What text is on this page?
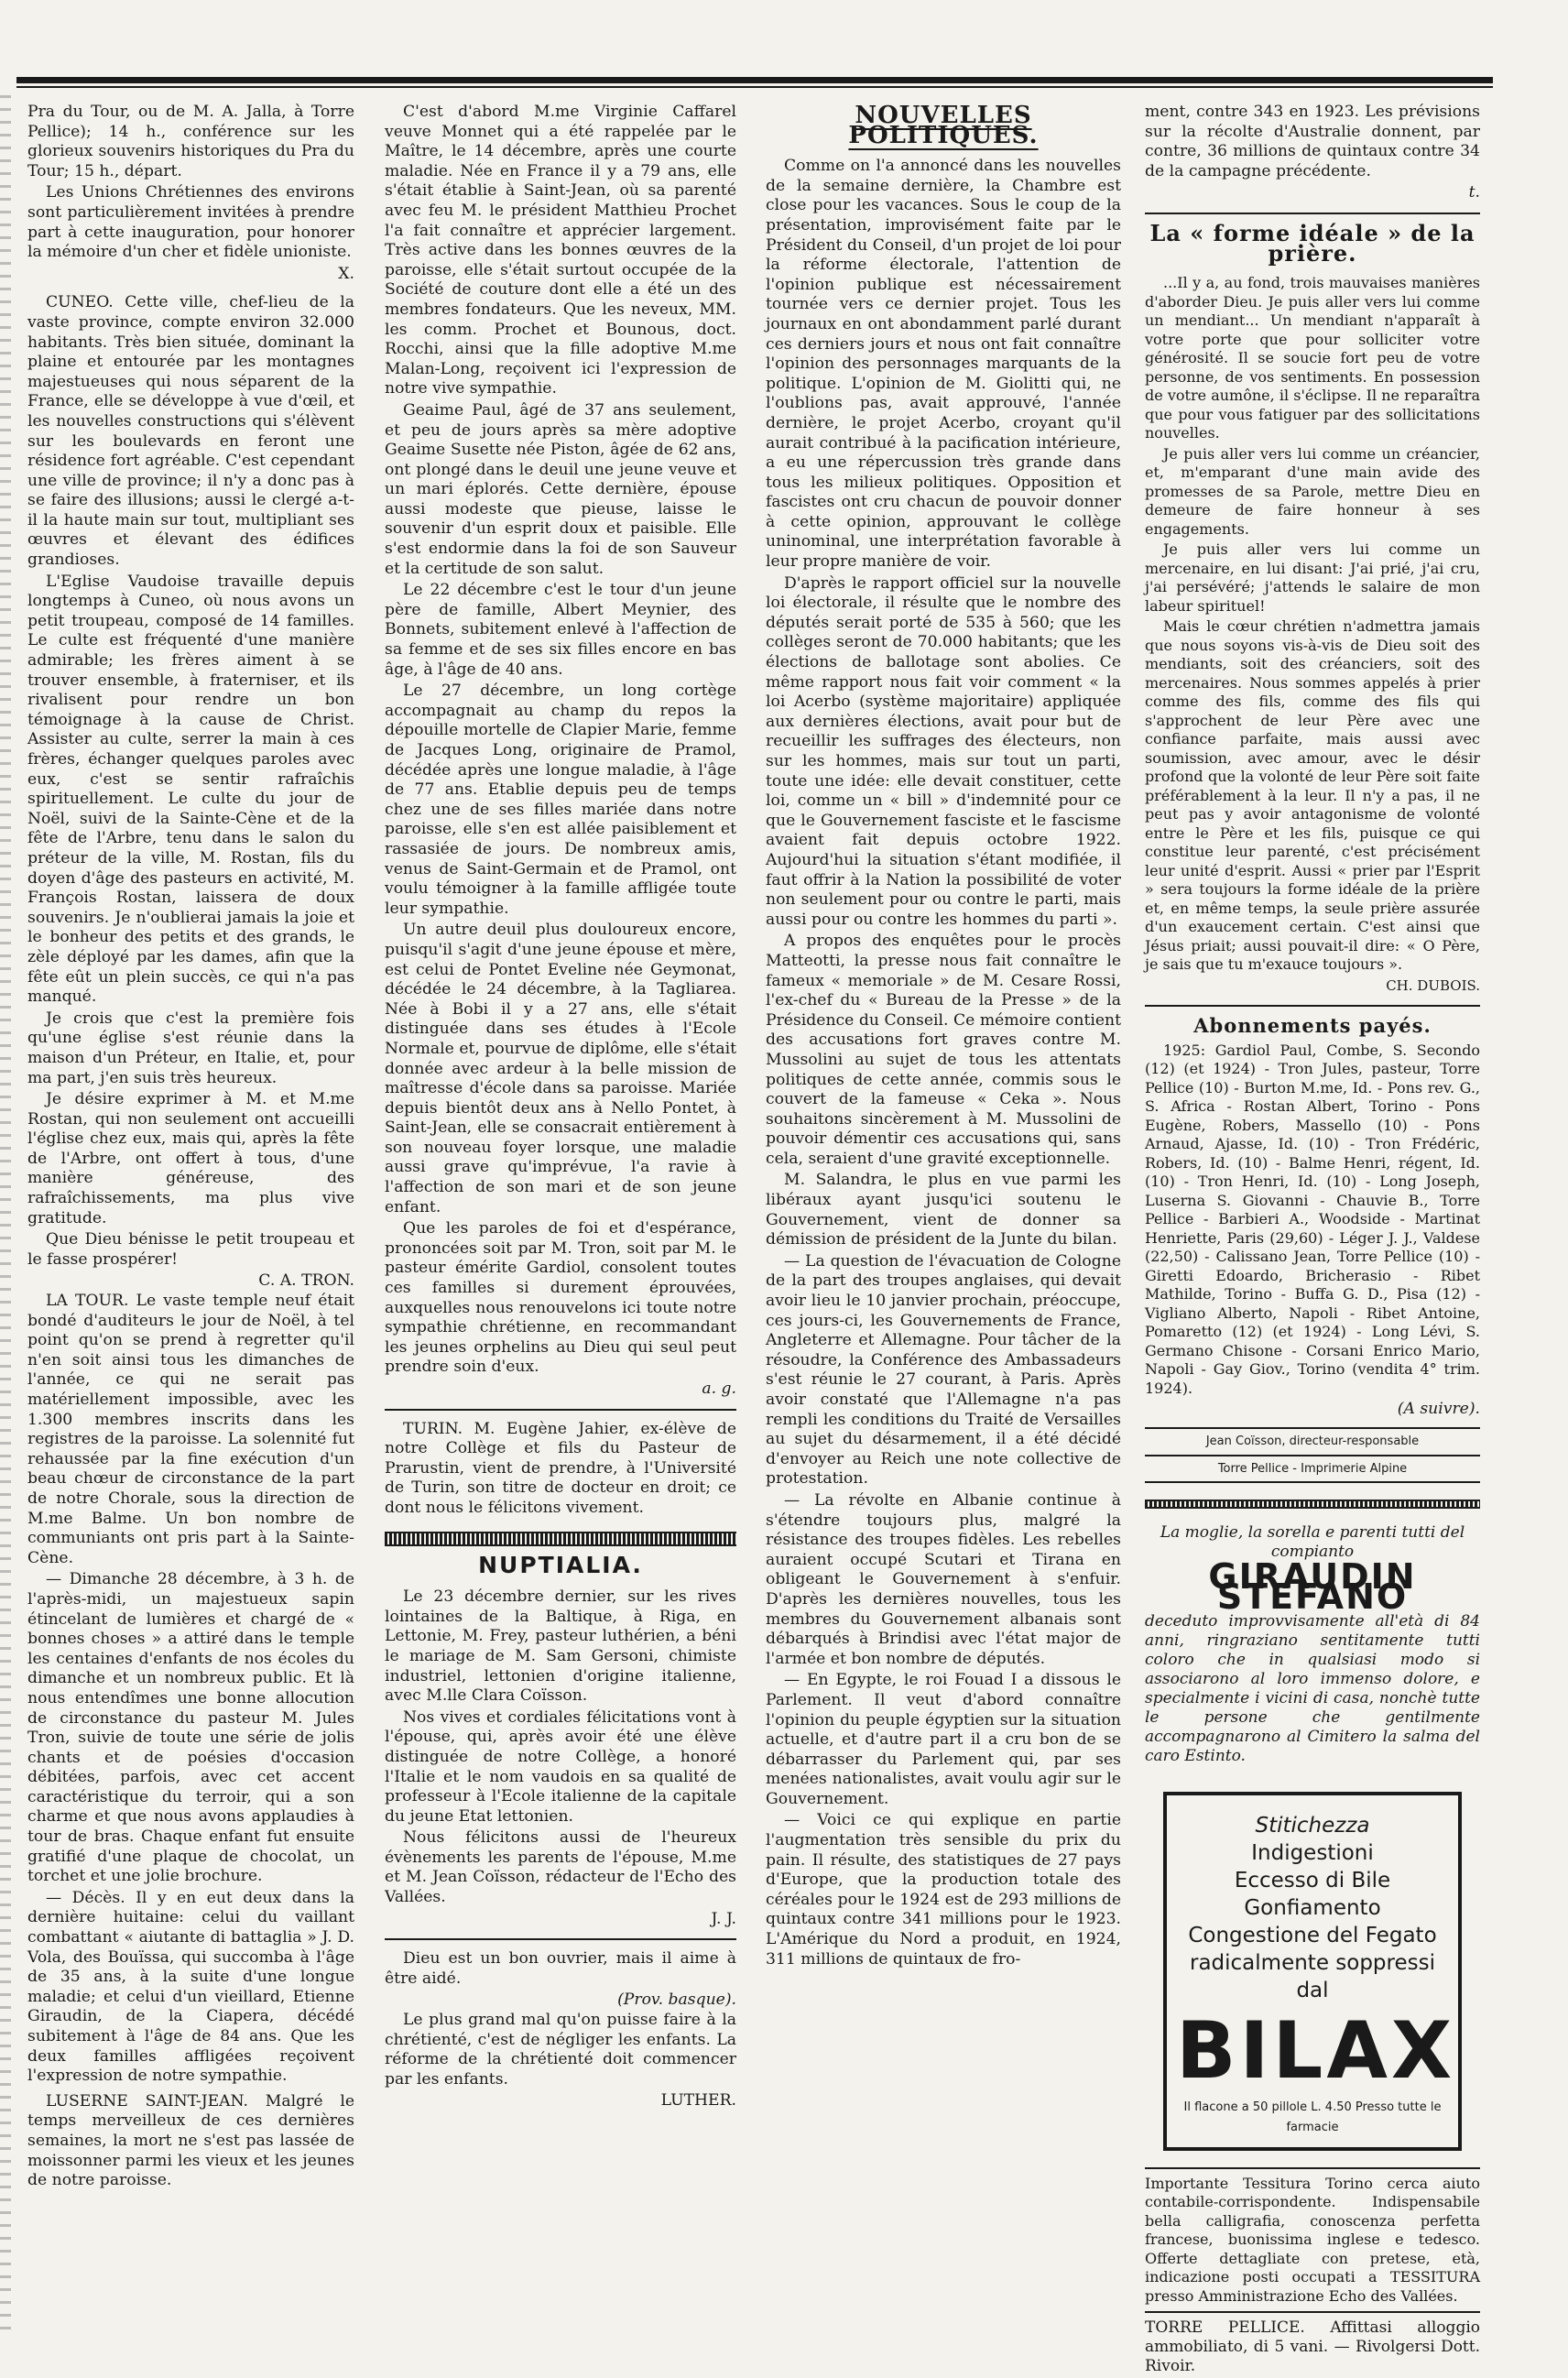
Pra du Tour, ou de M. A. Jalla, à Torre Pellice); 14 h., conférence sur les glorieux souvenirs historiques du Pra du Tour; 15 h., départ.

Les Unions Chrétiennes des environs sont particulièrement invitées à prendre part à cette inauguration, pour honorer la mémoire d'un cher et fidèle unioniste.

X.

CUNEO. Cette ville, chef-lieu de la vaste province, compte environ 32.000 habitants. Très bien située, dominant la plaine et entourée par les montagnes majestueuses qui nous séparent de la France, elle se développe à vue d'œil, et les nouvelles constructions qui s'élèvent sur les boulevards en feront une résidence fort agréable. C'est cependant une ville de province; il n'y a donc pas à se faire des illusions; aussi le clergé a-t-il la haute main sur tout, multipliant ses œuvres et élevant des édifices grandioses.

L'Eglise Vaudoise travaille depuis longtemps à Cuneo, où nous avons un petit troupeau, composé de 14 familles. Le culte est fréquenté d'une manière admirable; les frères aiment à se trouver ensemble, à fraterniser, et ils rivalisent pour rendre un bon témoignage à la cause de Christ. Assister au culte, serrer la main à ces frères, échanger quelques paroles avec eux, c'est se sentir rafraîchis spirituellement. Le culte du jour de Noël, suivi de la Sainte-Cène et de la fête de l'Arbre, tenu dans le salon du préteur de la ville, M. Rostan, fils du doyen d'âge des pasteurs en activité, M. François Rostan, laissera de doux souvenirs. Je n'oublierai jamais la joie et le bonheur des petits et des grands, le zèle déployé par les dames, afin que la fête eût un plein succès, ce qui n'a pas manqué.

Je crois que c'est la première fois qu'une église s'est réunie dans la maison d'un Préteur, en Italie, et, pour ma part, j'en suis très heureux.

Je désire exprimer à M. et M.me Rostan, qui non seulement ont accueilli l'église chez eux, mais qui, après la fête de l'Arbre, ont offert à tous, d'une manière généreuse, des rafraîchissements, ma plus vive gratitude.

Que Dieu bénisse le petit troupeau et le fasse prospérer!

C. A. TRON.

LA TOUR. Le vaste temple neuf était bondé d'auditeurs le jour de Noël, à tel point qu'on se prend à regretter qu'il n'en soit ainsi tous les dimanches de l'année, ce qui ne serait pas matériellement impossible, avec les 1.300 membres inscrits dans les registres de la paroisse. La solennité fut rehaussée par la fine exécution d'un beau chœur de circonstance de la part de notre Chorale, sous la direction de M.me Balme. Un bon nombre de communiants ont pris part à la Sainte-Cène.

— Dimanche 28 décembre, à 3 h. de l'après-midi, un majestueux sapin étincelant de lumières et chargé de « bonnes choses » a attiré dans le temple les centaines d'enfants de nos écoles du dimanche et un nombreux public. Et là nous entendîmes une bonne allocution de circonstance du pasteur M. Jules Tron, suivie de toute une série de jolis chants et de poésies d'occasion débitées, parfois, avec cet accent caractéristique du terroir, qui a son charme et que nous avons applaudies à tour de bras. Chaque enfant fut ensuite gratifié d'une plaque de chocolat, un torchet et une jolie brochure.

— Décès. Il y en eut deux dans la dernière huitaine: celui du vaillant combattant « aiutante di battaglia » J. D. Vola, des Bouïssa, qui succomba à l'âge de 35 ans, à la suite d'une longue maladie; et celui d'un vieillard, Etienne Giraudin, de la Ciapera, décédé subitement à l'âge de 84 ans. Que les deux familles affligées reçoivent l'expression de notre sympathie.

LUSERNE SAINT-JEAN. Malgré le temps merveilleux de ces dernières semaines, la mort ne s'est pas lassée de moissonner parmi les vieux et les jeunes de notre paroisse.

C'est d'abord M.me Virginie Caffarel veuve Monnet qui a été rappelée par le Maître, le 14 décembre, après une courte maladie. Née en France il y a 79 ans, elle s'était établie à Saint-Jean, où sa parenté avec feu M. le président Matthieu Prochet l'a fait connaître et apprécier largement. Très active dans les bonnes œuvres de la paroisse, elle s'était surtout occupée de la Société de couture dont elle a été un des membres fondateurs. Que les neveux, MM. les comm. Prochet et Bounous, doct. Rocchi, ainsi que la fille adoptive M.me Malan-Long, reçoivent ici l'expression de notre vive sympathie.

Geaime Paul, âgé de 37 ans seulement, et peu de jours après sa mère adoptive Geaime Susette née Piston, âgée de 62 ans, ont plongé dans le deuil une jeune veuve et un mari éplorés. Cette dernière, épouse aussi modeste que pieuse, laisse le souvenir d'un esprit doux et paisible. Elle s'est endormie dans la foi de son Sauveur et la certitude de son salut.

Le 22 décembre c'est le tour d'un jeune père de famille, Albert Meynier, des Bonnets, subitement enlevé à l'affection de sa femme et de ses six filles encore en bas âge, à l'âge de 40 ans.

Le 27 décembre, un long cortège accompagnait au champ du repos la dépouille mortelle de Clapier Marie, femme de Jacques Long, originaire de Pramol, décédée après une longue maladie, à l'âge de 77 ans. Etablie depuis peu de temps chez une de ses filles mariée dans notre paroisse, elle s'en est allée paisiblement et rassasiée de jours. De nombreux amis, venus de Saint-Germain et de Pramol, ont voulu témoigner à la famille affligée toute leur sympathie.

Un autre deuil plus douloureux encore, puisqu'il s'agit d'une jeune épouse et mère, est celui de Pontet Eveline née Geymonat, décédée le 24 décembre, à la Tagliarea. Née à Bobi il y a 27 ans, elle s'était distinguée dans ses études à l'Ecole Normale et, pourvue de diplôme, elle s'était donnée avec ardeur à la belle mission de maîtresse d'école dans sa paroisse. Mariée depuis bientôt deux ans à Nello Pontet, à Saint-Jean, elle se consacrait entièrement à son nouveau foyer lorsque, une maladie aussi grave qu'imprévue, l'a ravie à l'affection de son mari et de son jeune enfant.

Que les paroles de foi et d'espérance, prononcées soit par M. Tron, soit par M. le pasteur émérite Gardiol, consolent toutes ces familles si durement éprouvées, auxquelles nous renouvelons ici toute notre sympathie chrétienne, en recommandant les jeunes orphelins au Dieu qui seul peut prendre soin d'eux.

a. g.

TURIN. M. Eugène Jahier, ex-élève de notre Collège et fils du Pasteur de Prarustin, vient de prendre, à l'Université de Turin, son titre de docteur en droit; ce dont nous le félicitons vivement.

NUPTIALIA.

Le 23 décembre dernier, sur les rives lointaines de la Baltique, à Riga, en Lettonie, M. Frey, pasteur luthérien, a béni le mariage de M. Sam Gersoni, chimiste industriel, lettonien d'origine italienne, avec M.lle Clara Coïsson.

Nos vives et cordiales félicitations vont à l'épouse, qui, après avoir été une élève distinguée de notre Collège, a honoré l'Italie et le nom vaudois en sa qualité de professeur à l'Ecole italienne de la capitale du jeune Etat lettonien.

Nous félicitons aussi de l'heureux évènements les parents de l'épouse, M.me et M. Jean Coïsson, rédacteur de l'Echo des Vallées.

J. J.

Dieu est un bon ouvrier, mais il aime à être aidé.

(Prov. basque).

Le plus grand mal qu'on puisse faire à la chrétienté, c'est de négliger les enfants. La réforme de la chrétienté doit commencer par les enfants.

LUTHER.
NOUVELLES POLITIQUES.

Comme on l'a annoncé dans les nouvelles de la semaine dernière, la Chambre est close pour les vacances. Sous le coup de la présentation, improvisément faite par le Président du Conseil, d'un projet de loi pour la réforme électorale, l'attention de l'opinion publique est nécessairement tournée vers ce dernier projet. Tous les journaux en ont abondamment parlé durant ces derniers jours et nous ont fait connaître l'opinion des personnages marquants de la politique. L'opinion de M. Giolitti qui, ne l'oublions pas, avait approuvé, l'année dernière, le projet Acerbo, croyant qu'il aurait contribué à la pacification intérieure, a eu une répercussion très grande dans tous les milieux politiques. Opposition et fascistes ont cru chacun de pouvoir donner à cette opinion, approuvant le collège uninominal, une interprétation favorable à leur propre manière de voir.

D'après le rapport officiel sur la nouvelle loi électorale, il résulte que le nombre des députés serait porté de 535 à 560; que les collèges seront de 70.000 habitants; que les élections de ballotage sont abolies. Ce même rapport nous fait voir comment « la loi Acerbo (système majoritaire) appliquée aux dernières élections, avait pour but de recueillir les suffrages des électeurs, non sur les hommes, mais sur tout un parti, toute une idée: elle devait constituer, cette loi, comme un « bill » d'indemnité pour ce que le Gouvernement fasciste et le fascisme avaient fait depuis octobre 1922. Aujourd'hui la situation s'étant modifiée, il faut offrir à la Nation la possibilité de voter non seulement pour ou contre le parti, mais aussi pour ou contre les hommes du parti ».

A propos des enquêtes pour le procès Matteotti, la presse nous fait connaître le fameux « memoriale » de M. Cesare Rossi, l'ex-chef du « Bureau de la Presse » de la Présidence du Conseil. Ce mémoire contient des accusations fort graves contre M. Mussolini au sujet de tous les attentats politiques de cette année, commis sous le couvert de la fameuse « Ceka ». Nous souhaitons sincèrement à M. Mussolini de pouvoir démentir ces accusations qui, sans cela, seraient d'une gravité exceptionnelle.

M. Salandra, le plus en vue parmi les libéraux ayant jusqu'ici soutenu le Gouvernement, vient de donner sa démission de président de la Junte du bilan.

— La question de l'évacuation de Cologne de la part des troupes anglaises, qui devait avoir lieu le 10 janvier prochain, préoccupe, ces jours-ci, les Gouvernements de France, Angleterre et Allemagne. Pour tâcher de la résoudre, la Conférence des Ambassadeurs s'est réunie le 27 courant, à Paris. Après avoir constaté que l'Allemagne n'a pas rempli les conditions du Traité de Versailles au sujet du désarmement, il a été décidé d'envoyer au Reich une note collective de protestation.

— La révolte en Albanie continue à s'étendre toujours plus, malgré la résistance des troupes fidèles. Les rebelles auraient occupé Scutari et Tirana en obligeant le Gouvernement à s'enfuir. D'après les dernières nouvelles, tous les membres du Gouvernement albanais sont débarqués à Brindisi avec l'état major de l'armée et bon nombre de députés.

— En Egypte, le roi Fouad I a dissous le Parlement. Il veut d'abord connaître l'opinion du peuple égyptien sur la situation actuelle, et d'autre part il a cru bon de se débarrasser du Parlement qui, par ses menées nationalistes, avait voulu agir sur le Gouvernement.

— Voici ce qui explique en partie l'augmentation très sensible du prix du pain. Il résulte, des statistiques de 27 pays d'Europe, que la production totale des céréales pour le 1924 est de 293 millions de quintaux contre 341 millions pour le 1923. L'Amérique du Nord a produit, en 1924, 311 millions de quintaux de fro-

ment, contre 343 en 1923. Les prévisions sur la récolte d'Australie donnent, par contre, 36 millions de quintaux contre 34 de la campagne précédente.

t.
La « forme idéale » de la prière.

...Il y a, au fond, trois mauvaises manières d'aborder Dieu. Je puis aller vers lui comme un mendiant... Un mendiant n'apparaît à votre porte que pour solliciter votre générosité. Il se soucie fort peu de votre personne, de vos sentiments. En possession de votre aumône, il s'éclipse. Il ne reparaîtra que pour vous fatiguer par des sollicitations nouvelles.

Je puis aller vers lui comme un créancier, et, m'emparant d'une main avide des promesses de sa Parole, mettre Dieu en demeure de faire honneur à ses engagements.

Je puis aller vers lui comme un mercenaire, en lui disant: J'ai prié, j'ai cru, j'ai persévéré; j'attends le salaire de mon labeur spirituel!

Mais le cœur chrétien n'admettra jamais que nous soyons vis-à-vis de Dieu soit des mendiants, soit des créanciers, soit des mercenaires. Nous sommes appelés à prier comme des fils, comme des fils qui s'approchent de leur Père avec une confiance parfaite, mais aussi avec soumission, avec amour, avec le désir profond que la volonté de leur Père soit faite préférablement à la leur. Il n'y a pas, il ne peut pas y avoir antagonisme de volonté entre le Père et les fils, puisque ce qui constitue leur parenté, c'est précisément leur unité d'esprit. Aussi « prier par l'Esprit » sera toujours la forme idéale de la prière et, en même temps, la seule prière assurée d'un exaucement certain. C'est ainsi que Jésus priait; aussi pouvait-il dire: « O Père, je sais que tu m'exauce toujours ».

CH. DUBOIS.
Abonnements payés.

1925: Gardiol Paul, Combe, S. Secondo (12) (et 1924) - Tron Jules, pasteur, Torre Pellice (10) - Burton M.me, Id. - Pons rev. G., S. Africa - Rostan Albert, Torino - Pons Eugène, Robers, Massello (10) - Pons Arnaud, Ajasse, Id. (10) - Tron Frédéric, Robers, Id. (10) - Balme Henri, régent, Id. (10) - Tron Henri, Id. (10) - Long Joseph, Luserna S. Giovanni - Chauvie B., Torre Pellice - Barbieri A., Woodside - Martinat Henriette, Paris (29,60) - Léger J. J., Valdese (22,50) - Calissano Jean, Torre Pellice (10) - Giretti Edoardo, Bricherasio - Ribet Mathilde, Torino - Buffa G. D., Pisa (12) - Vigliano Alberto, Napoli - Ribet Antoine, Pomaretto (12) (et 1924) - Long Lévi, S. Germano Chisone - Corsani Enrico Mario, Napoli - Gay Giov., Torino (vendita 4° trim. 1924).

(A suivre).
Jean Coïsson, directeur-responsable
Torre Pellice - Imprimerie Alpine
La moglie, la sorella e parenti tutti del compianto
GIRAUDIN STEFANO
deceduto improvvisamente all'età di 84 anni, ringraziano sentitamente tutti coloro che in qualsiasi modo si associarono al loro immenso dolore, e specialmente i vicini di casa, nonchè tutte le persone che gentilmente accompagnarono al Cimitero la salma del caro Estinto.
Stitichezza
Indigestioni
Eccesso di Bile
Gonfiamento
Congestione del Fegato
radicalmente soppressi dal
BILAX
Il flacone a 50 pillole L. 4.50 Presso tutte le farmacie

Importante Tessitura Torino cerca aiuto contabile-corrispondente. Indispensabile bella calligrafia, conoscenza perfetta francese, buonissima inglese e tedesco. Offerte dettagliate con pretese, età, indicazione posti occupati a TESSITURA presso Amministrazione Echo des Vallées.

TORRE PELLICE. Affittasi alloggio ammobiliato, di 5 vani. — Rivolgersi Dott. Rivoir.
